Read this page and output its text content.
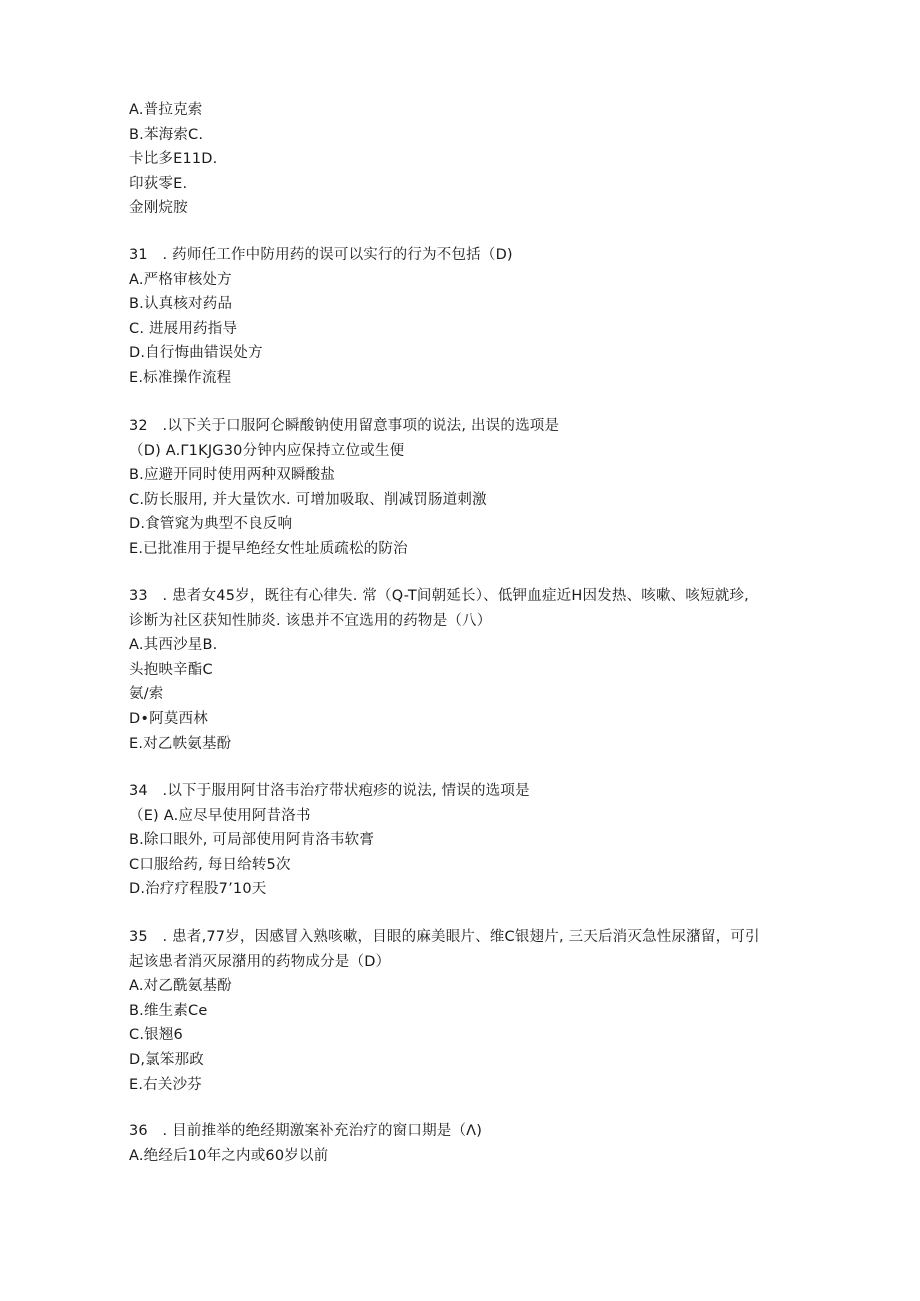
A.普拉克索
B.苯海索C.
卡比多E11D.
印荻零E.
金刚烷胺
31　. 药师任工作中防用药的误可以实行的行为不包括（D)
A.严格审核处方
B.认真核对药品
C. 进展用药指导
D.自行悔曲错误处方
E.标准操作流程
32　.以下关于口服阿仑瞬酸钠使用留意事项的说法, 出误的选项是
（D) A.Γ1KJG30分钟内应保持立位或生便
B.应避开同时使用两种双瞬酸盐
C.防长服用, 并大量饮水. 可增加吸取、削减罚肠道刺激
D.食管窕为典型不良反响
E.已批准用于提早绝经女性址质疏松的防治
33　. 患者女45岁，既往有心律失. 常（Q-T间朝延长）、低钾血症近H因发热、咳嗽、咳短就珍,
诊断为社区获知性肺炎. 该患并不宜选用的药物是（八）
A.其西沙星B.
头抱映辛酯C
氨/索
D•阿莫西林
E.对乙帙氨基酚
34　.以下于服用阿甘洛韦治疗带状疱疹的说法, 情误的选项是
（E) A.应尽早使用阿昔洛书
B.除口眼外, 可局部使用阿肯洛韦软膏
C口服给药, 每日给转5次
D.治疗疗程股7’10天
35　. 患者,77岁，因感冒入熟咳嗽，目眼的麻美眼片、维C银翅片, 三天后消灭急性尿潴留，可引
起该患者消灭尿潴用的药物成分是（D）
A.对乙酰氨基酚
B.维生素Ce
C.银翘6
D,氯笨那政
E.右关沙芬
36　. 目前推举的绝经期激案补充治疗的窗口期是（Λ)
A.绝经后10年之内或60岁以前
